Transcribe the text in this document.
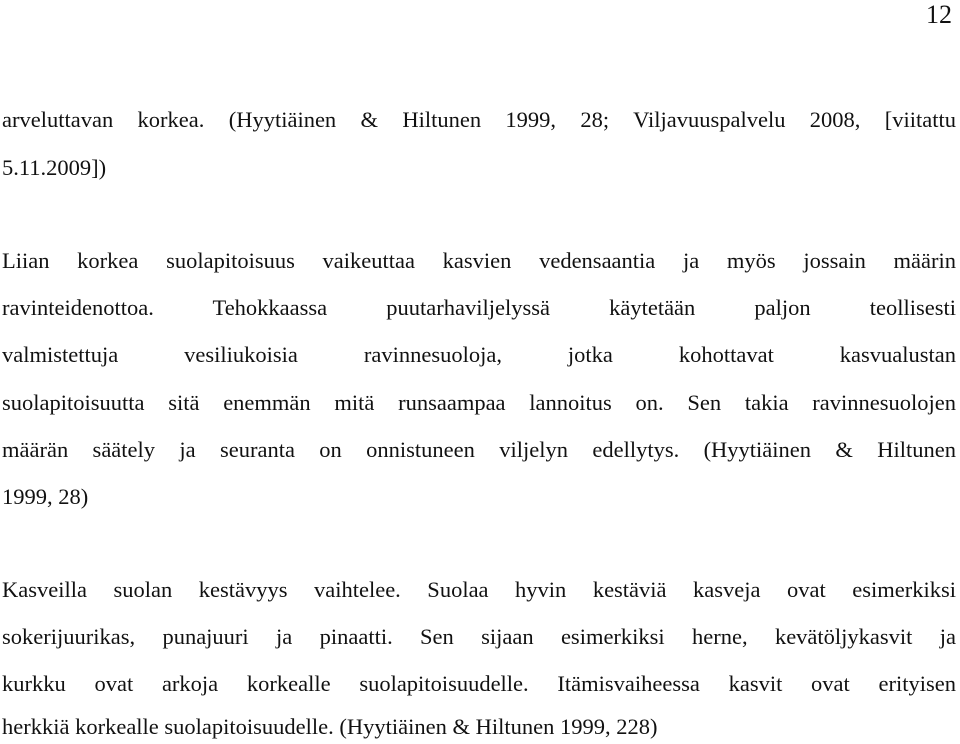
12
arveluttavan korkea. (Hyytiäinen & Hiltunen 1999, 28; Viljavuuspalvelu 2008, [viitattu
5.11.2009])
Liian korkea suolapitoisuus vaikeuttaa kasvien vedensaantia ja myös jossain määrin
ravinteidenottoa. Tehokkaassa puutarhaviljelyssä käytetään paljon teollisesti
valmistettuja vesiliukoisia ravinnesuoloja, jotka kohottavat kasvualustan
suolapitoisuutta sitä enemmän mitä runsaampaa lannoitus on. Sen takia ravinnesuolojen
määrän säätely ja seuranta on onnistuneen viljelyn edellytys. (Hyytiäinen & Hiltunen
1999, 28)
Kasveilla suolan kestävyys vaihtelee. Suolaa hyvin kestäviä kasveja ovat esimerkiksi
sokerijuurikas, punajuuri ja pinaatti. Sen sijaan esimerkiksi herne, kevätöljykasvit ja
kurkku ovat arkoja korkealle suolapitoisuudelle. Itämisvaiheessa kasvit ovat erityisen
herkkiä korkealle suolapitoisuudelle. (Hyytiäinen & Hiltunen 1999, 228)
